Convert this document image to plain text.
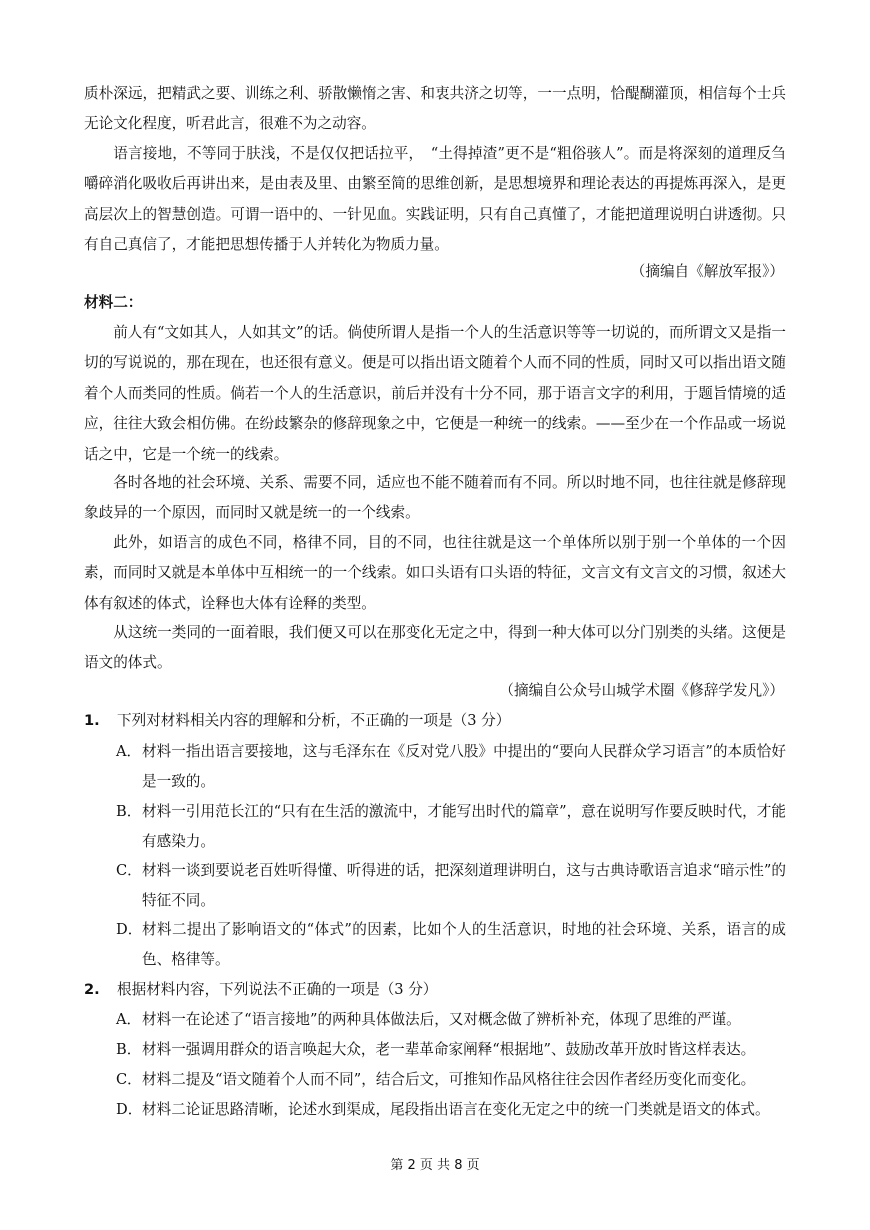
质朴深远，把精武之要、训练之利、骄散懒惰之害、和衷共济之切等，一一点明，恰醍醐灌顶，相信每个士兵无论文化程度，听君此言，很难不为之动容。

语言接地，不等同于肤浅，不是仅仅把话拉平，　“土得掉渣”更不是“粗俗骇人”。而是将深刻的道理反刍嚼碎消化吸收后再讲出来，是由表及里、由繁至简的思维创新，是思想境界和理论表达的再提炼再深入，是更高层次上的智慧创造。可谓一语中的、一针见血。实践证明，只有自己真懂了，才能把道理说明白讲透彻。只有自己真信了，才能把思想传播于人并转化为物质力量。

（摘编自《解放军报》）
材料二：

前人有“文如其人，人如其文”的话。倘使所谓人是指一个人的生活意识等等一切说的，而所谓文又是指一切的写说说的，那在现在，也还很有意义。便是可以指出语文随着个人而不同的性质，同时又可以指出语文随着个人而类同的性质。倘若一个人的生活意识，前后并没有十分不同，那于语言文字的利用，于题旨情境的适应，往往大致会相仿佛。在纷歧繁杂的修辞现象之中，它便是一种统一的线索。——至少在一个作品或一场说话之中，它是一个统一的线索。

各时各地的社会环境、关系、需要不同，适应也不能不随着而有不同。所以时地不同，也往往就是修辞现象歧异的一个原因，而同时又就是统一的一个线索。

此外，如语言的成色不同，格律不同，目的不同，也往往就是这一个单体所以别于别一个单体的一个因素，而同时又就是本单体中互相统一的一个线索。如口头语有口头语的特征，文言文有文言文的习惯，叙述大体有叙述的体式，诠释也大体有诠释的类型。

从这统一类同的一面着眼，我们便又可以在那变化无定之中，得到一种大体可以分门别类的头绪。这便是语文的体式。

（摘编自公众号山城学术圈《修辞学发凡》）
1. 下列对材料相关内容的理解和分析，不正确的一项是（3 分）
A． 材料一指出语言要接地，这与毛泽东在《反对党八股》中提出的“要向人民群众学习语言”的本质恰好是一致的。

B． 材料一引用范长江的“只有在生活的激流中，才能写出时代的篇章”，意在说明写作要反映时代，才能有感染力。

C． 材料一谈到要说老百姓听得懂、听得进的话，把深刻道理讲明白，这与古典诗歌语言追求“暗示性”的特征不同。

D． 材料二提出了影响语文的“体式”的因素，比如个人的生活意识，时地的社会环境、关系，语言的成色、格律等。

2. 根据材料内容，下列说法不正确的一项是（3 分）
A． 材料一在论述了“语言接地”的两种具体做法后，又对概念做了辨析补充，体现了思维的严谨。

B． 材料一强调用群众的语言唤起大众，老一辈革命家阐释“根据地”、鼓励改革开放时皆这样表达。

C． 材料二提及“语文随着个人而不同”，结合后文，可推知作品风格往往会因作者经历变化而变化。

D． 材料二论证思路清晰，论述水到渠成，尾段指出语言在变化无定之中的统一门类就是语文的体式。

第 2 页 共 8 页
